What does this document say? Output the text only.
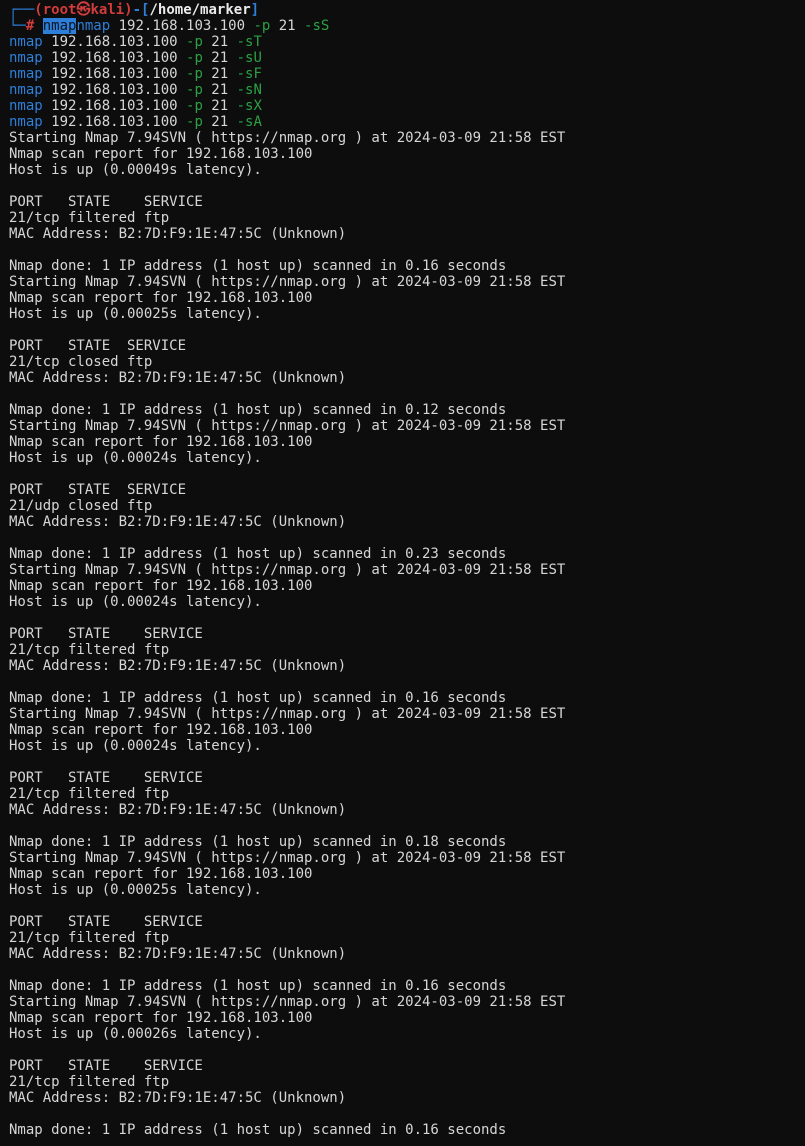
┌──(root㉿kali)-[/home/marker]
└─# nmapnmap 192.168.103.100 -p 21 -sS
nmap 192.168.103.100 -p 21 -sT
nmap 192.168.103.100 -p 21 -sU
nmap 192.168.103.100 -p 21 -sF
nmap 192.168.103.100 -p 21 -sN
nmap 192.168.103.100 -p 21 -sX
nmap 192.168.103.100 -p 21 -sA
Starting Nmap 7.94SVN ( https://nmap.org ) at 2024-03-09 21:58 EST
Nmap scan report for 192.168.103.100
Host is up (0.00049s latency).

PORT   STATE    SERVICE
21/tcp filtered ftp
MAC Address: B2:7D:F9:1E:47:5C (Unknown)

Nmap done: 1 IP address (1 host up) scanned in 0.16 seconds
Starting Nmap 7.94SVN ( https://nmap.org ) at 2024-03-09 21:58 EST
Nmap scan report for 192.168.103.100
Host is up (0.00025s latency).

PORT   STATE  SERVICE
21/tcp closed ftp
MAC Address: B2:7D:F9:1E:47:5C (Unknown)

Nmap done: 1 IP address (1 host up) scanned in 0.12 seconds
Starting Nmap 7.94SVN ( https://nmap.org ) at 2024-03-09 21:58 EST
Nmap scan report for 192.168.103.100
Host is up (0.00024s latency).

PORT   STATE  SERVICE
21/udp closed ftp
MAC Address: B2:7D:F9:1E:47:5C (Unknown)

Nmap done: 1 IP address (1 host up) scanned in 0.23 seconds
Starting Nmap 7.94SVN ( https://nmap.org ) at 2024-03-09 21:58 EST
Nmap scan report for 192.168.103.100
Host is up (0.00024s latency).

PORT   STATE    SERVICE
21/tcp filtered ftp
MAC Address: B2:7D:F9:1E:47:5C (Unknown)

Nmap done: 1 IP address (1 host up) scanned in 0.16 seconds
Starting Nmap 7.94SVN ( https://nmap.org ) at 2024-03-09 21:58 EST
Nmap scan report for 192.168.103.100
Host is up (0.00024s latency).

PORT   STATE    SERVICE
21/tcp filtered ftp
MAC Address: B2:7D:F9:1E:47:5C (Unknown)

Nmap done: 1 IP address (1 host up) scanned in 0.18 seconds
Starting Nmap 7.94SVN ( https://nmap.org ) at 2024-03-09 21:58 EST
Nmap scan report for 192.168.103.100
Host is up (0.00025s latency).

PORT   STATE    SERVICE
21/tcp filtered ftp
MAC Address: B2:7D:F9:1E:47:5C (Unknown)

Nmap done: 1 IP address (1 host up) scanned in 0.16 seconds
Starting Nmap 7.94SVN ( https://nmap.org ) at 2024-03-09 21:58 EST
Nmap scan report for 192.168.103.100
Host is up (0.00026s latency).

PORT   STATE    SERVICE
21/tcp filtered ftp
MAC Address: B2:7D:F9:1E:47:5C (Unknown)

Nmap done: 1 IP address (1 host up) scanned in 0.16 seconds
